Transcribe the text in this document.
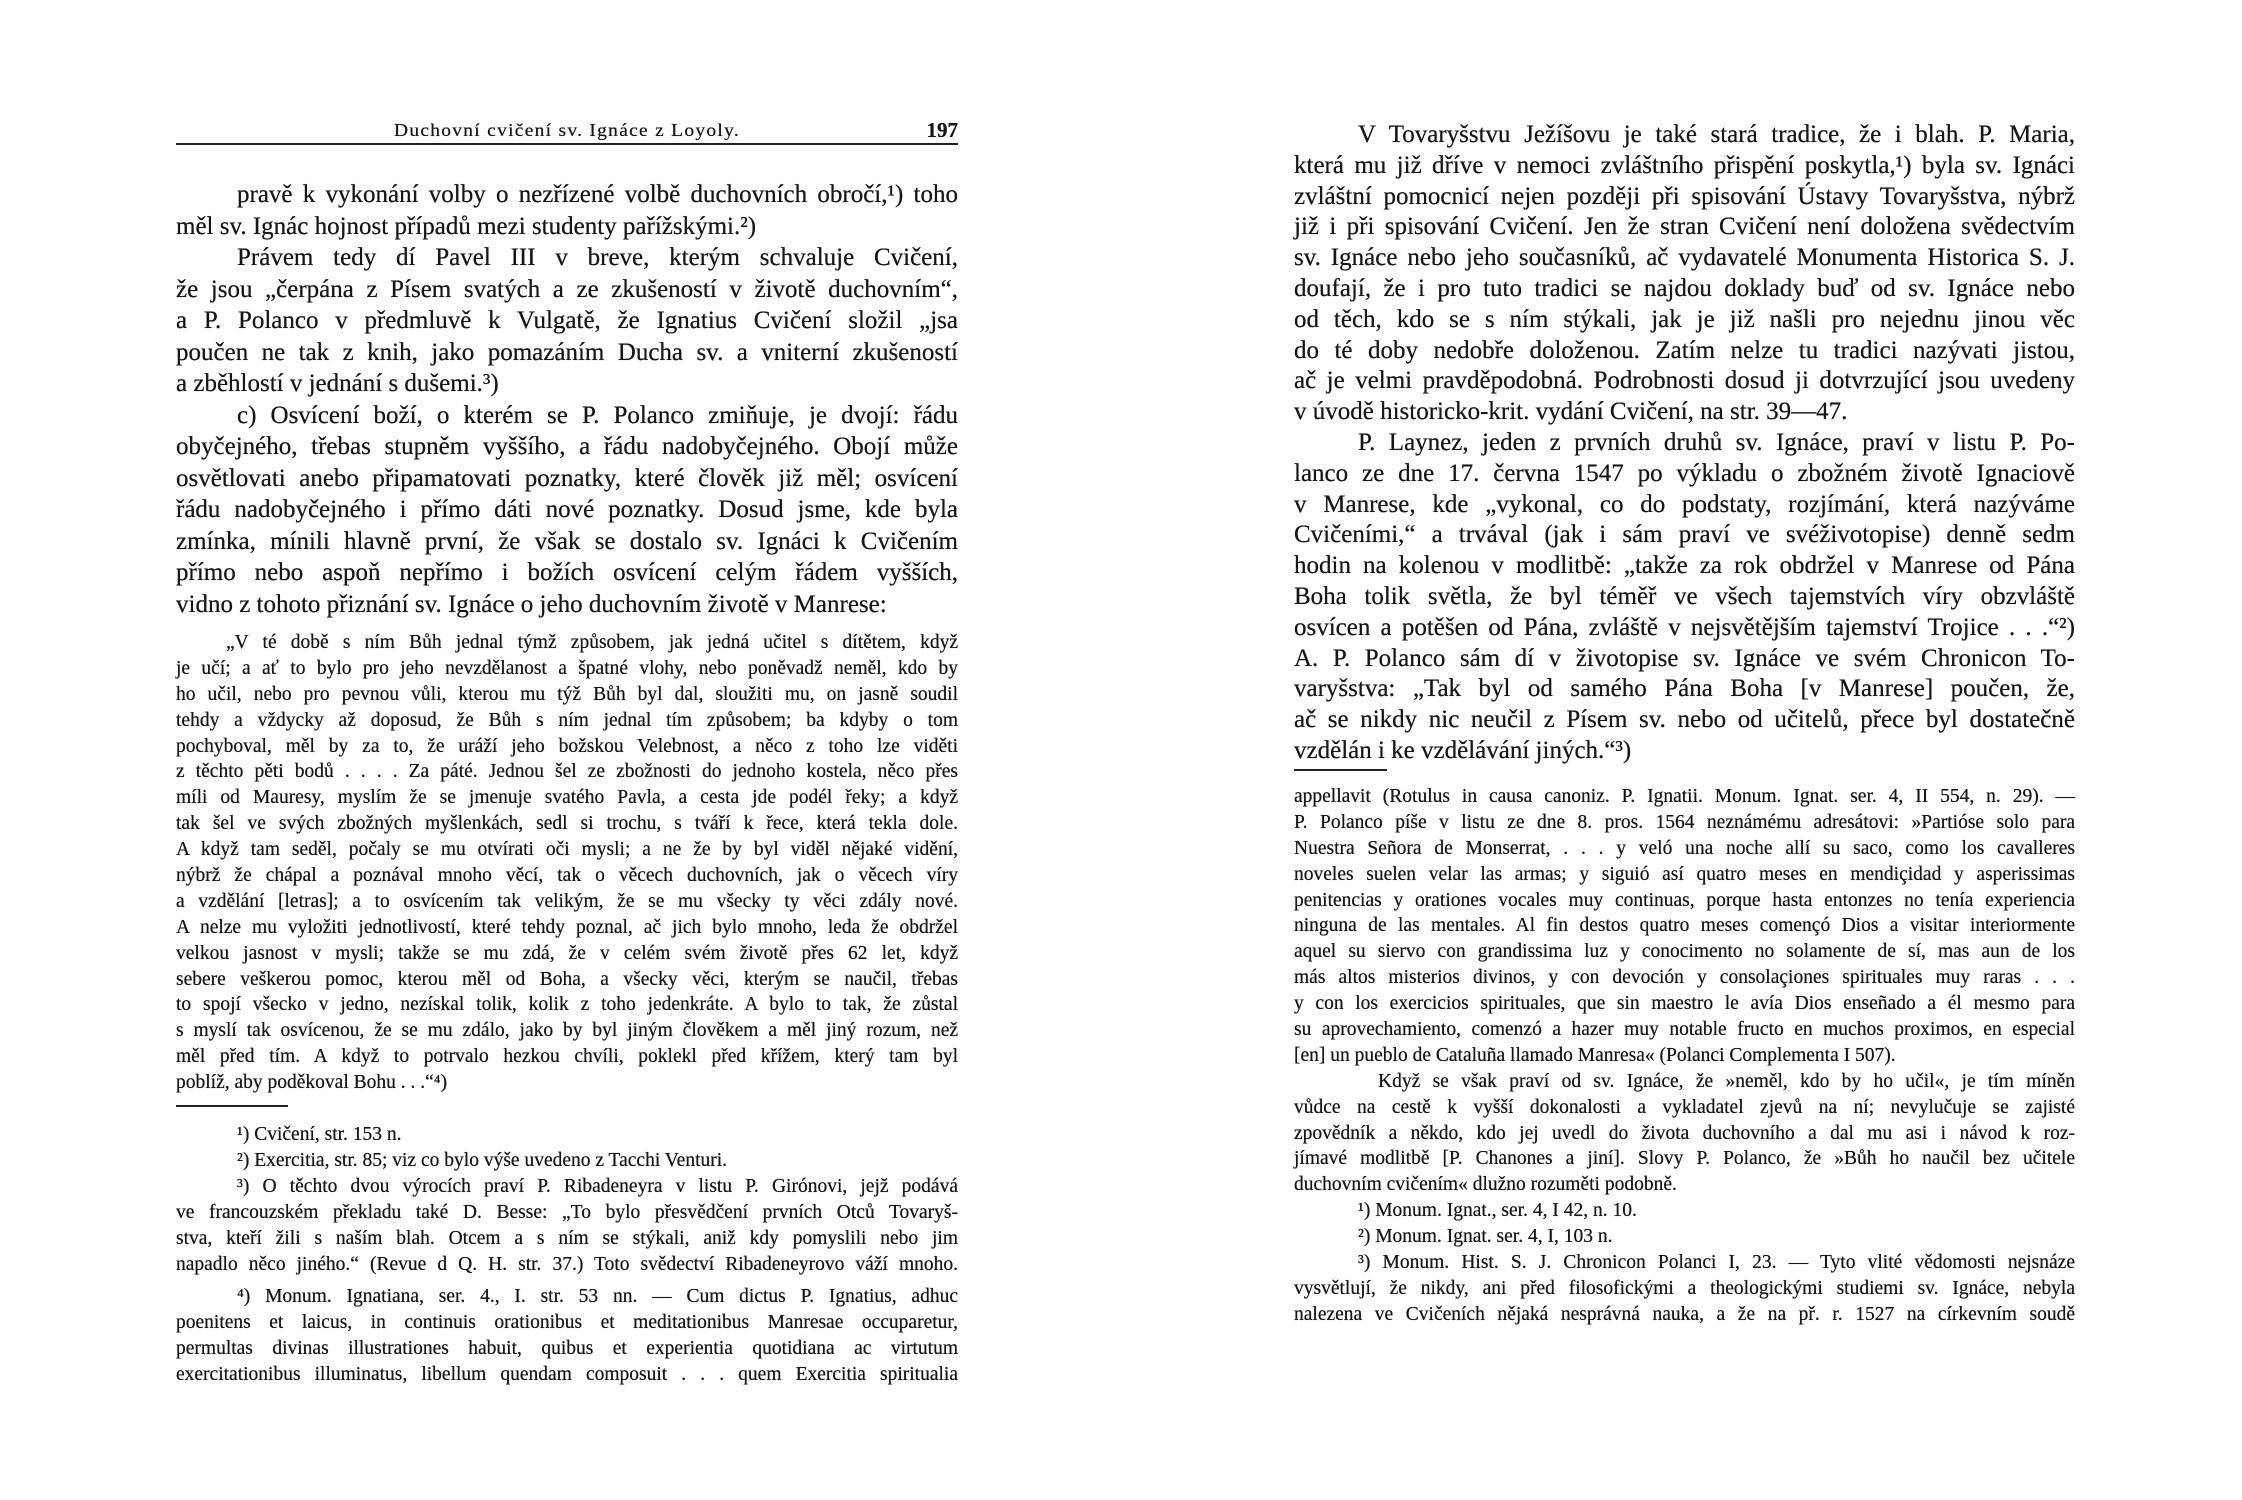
Duchovní cvičení sv. Ignáce z Loyoly.	197
pravě k vykonání volby o nezřízené volbě duchovních obročí,¹) toho
měl sv. Ignác hojnost případů mezi studenty pařížskými.²)
Právem tedy dí Pavel III v breve, kterým schvaluje Cvičení,
že jsou „čerpána z Písem svatých a ze zkušeností v životě duchovním“,
a P. Polanco v předmluvě k Vulgatě, že Ignatius Cvičení složil „jsa
poučen ne tak z knih, jako pomazáním Ducha sv. a vniterní zkušeností
a zběhlostí v jednání s dušemi.³)
c) Osvícení boží, o kterém se P. Polanco zmiňuje, je dvojí: řádu
obyčejného, třebas stupněm vyššího, a řádu nadobyčejného. Obojí může
osvětlovati anebo připamatovati poznatky, které člověk již měl; osvícení
řádu nadobyčejného i přímo dáti nové poznatky. Dosud jsme, kde byla
zmínka, mínili hlavně první, že však se dostalo sv. Ignáci k Cvičením
přímo nebo aspoň nepřímo i božích osvícení celým řádem vyšších,
vidno z tohoto přiznání sv. Ignáce o jeho duchovním životě v Manrese:
„V té době s ním Bůh jednal týmž způsobem, jak jedná učitel s dítětem, když
je učí; a ať to bylo pro jeho nevzdělanost a špatné vlohy, nebo poněvadž neměl, kdo by
ho učil, nebo pro pevnou vůli, kterou mu týž Bůh byl dal, sloužiti mu, on jasně soudil
tehdy a vždycky až doposud, že Bůh s ním jednal tím způsobem; ba kdyby o tom
pochyboval, měl by za to, že uráží jeho božskou Velebnost, a něco z toho lze viděti
z těchto pěti bodů . . . . Za páté. Jednou šel ze zbožnosti do jednoho kostela, něco přes
míli od Mauresy, myslím že se jmenuje svatého Pavla, a cesta jde podél řeky; a když
tak šel ve svých zbožných myšlenkách, sedl si trochu, s tváří k řece, která tekla dole.
A když tam seděl, počaly se mu otvírati oči mysli; a ne že by byl viděl nějaké vidění,
nýbrž že chápal a poznával mnoho věcí, tak o věcech duchovních, jak o věcech víry
a vzdělání [letras]; a to osvícením tak velikým, že se mu všecky ty věci zdály nové.
A nelze mu vyložiti jednotlivostí, které tehdy poznal, ač jich bylo mnoho, leda že obdržel
velkou jasnost v mysli; takže se mu zdá, že v celém svém životě přes 62 let, když
sebere veškerou pomoc, kterou měl od Boha, a všecky věci, kterým se naučil, třebas
to spojí všecko v jedno, nezískal tolik, kolik z toho jedenkráte. A bylo to tak, že zůstal
s myslí tak osvícenou, že se mu zdálo, jako by byl jiným člověkem a měl jiný rozum, než
měl před tím. A když to potrvalo hezkou chvíli, poklekl před křížem, který tam byl
poblíž, aby poděkoval Bohu . . .“⁴)
¹) Cvičení, str. 153 n.
²) Exercitia, str. 85; viz co bylo výše uvedeno z Tacchi Venturi.
³) O těchto dvou výrocích praví P. Ribadeneyra v listu P. Girónovi, jejž podává
ve francouzském překladu také D. Besse: „To bylo přesvědčení prvních Otců Tovaryš-
stva, kteří žili s naším blah. Otcem a s ním se stýkali, aniž kdy pomyslili nebo jim
napadlo něco jiného.“ (Revue d Q. H. str. 37.) Toto svědectví Ribadeneyrovo váží mnoho.
⁴) Monum. Ignatiana, ser. 4., I. str. 53 nn. — Cum dictus P. Ignatius, adhuc
poenitens et laicus, in continuis orationibus et meditationibus Manresae occuparetur,
permultas divinas illustrationes habuit, quibus et experientia quotidiana ac virtutum
exercitationibus illuminatus, libellum quendam composuit . . . quem Exercitia spiritualia
V Tovaryšstvu Ježíšovu je také stará tradice, že i blah. P. Maria,
která mu již dříve v nemoci zvláštního přispění poskytla,¹) byla sv. Ignáci
zvláštní pomocnicí nejen později při spisování Ústavy Tovaryšstva, nýbrž
již i při spisování Cvičení. Jen že stran Cvičení není doložena svědectvím
sv. Ignáce nebo jeho současníků, ač vydavatelé Monumenta Historica S. J.
doufají, že i pro tuto tradici se najdou doklady buď od sv. Ignáce nebo
od těch, kdo se s ním stýkali, jak je již našli pro nejednu jinou věc
do té doby nedobře doloženou. Zatím nelze tu tradici nazývati jistou,
ač je velmi pravděpodobná. Podrobnosti dosud ji dotvrzující jsou uvedeny
v úvodě historicko-krit. vydání Cvičení, na str. 39—47.
P. Laynez, jeden z prvních druhů sv. Ignáce, praví v listu P. Po-
lanco ze dne 17. června 1547 po výkladu o zbožném životě Ignaciově
v Manrese, kde „vykonal, co do podstaty, rozjímání, která nazýváme
Cvičeními,“ a trvával (jak i sám praví ve svéživotopise) denně sedm
hodin na kolenou v modlitbě: „takže za rok obdržel v Manrese od Pána
Boha tolik světla, že byl téměř ve všech tajemstvích víry obzvláště
osvícen a potěšen od Pána, zvláště v nejsvětějším tajemství Trojice . . .“²)
A. P. Polanco sám dí v životopise sv. Ignáce ve svém Chronicon To-
varyšstva: „Tak byl od samého Pána Boha [v Manrese] poučen, že,
ač se nikdy nic neučil z Písem sv. nebo od učitelů, přece byl dostatečně
vzdělán i ke vzdělávání jiných.“³)
appellavit (Rotulus in causa canoniz. P. Ignatii. Monum. Ignat. ser. 4, II 554, n. 29). —
P. Polanco píše v listu ze dne 8. pros. 1564 neznámému adresátovi: »Partióse solo para
Nuestra Señora de Monserrat, . . . y veló una noche allí su saco, como los cavalleres
noveles suelen velar las armas; y siguió así quatro meses en mendiçidad y asperissimas
penitencias y orationes vocales muy continuas, porque hasta entonzes no tenía experiencia
ninguna de las mentales. Al fin destos quatro meses començó Dios a visitar interiormente
aquel su siervo con grandissima luz y conocimento no solamente de sí, mas aun de los
más altos misterios divinos, y con devoción y consolaçiones spirituales muy raras . . .
y con los exercicios spirituales, que sin maestro le avía Dios enseñado a él mesmo para
su aprovechamiento, comenzó a hazer muy notable fructo en muchos proximos, en especial
[en] un pueblo de Cataluña llamado Manresa« (Polanci Complementa I 507).
Když se však praví od sv. Ignáce, že »neměl, kdo by ho učil«, je tím míněn
vůdce na cestě k vyšší dokonalosti a vykladatel zjevů na ní; nevylučuje se zajisté
zpovědník a někdo, kdo jej uvedl do života duchovního a dal mu asi i návod k roz-
jímavé modlitbě [P. Chanones a jiní]. Slovy P. Polanco, že »Bůh ho naučil bez učitele
duchovním cvičením« dlužno rozuměti podobně.
¹) Monum. Ignat., ser. 4, I 42, n. 10.
²) Monum. Ignat. ser. 4, I, 103 n.
³) Monum. Hist. S. J. Chronicon Polanci I, 23. — Tyto vlité vědomosti nejsnáze
vysvětlují, že nikdy, ani před filosofickými a theologickými studiemi sv. Ignáce, nebyla
nalezena ve Cvičeních nějaká nesprávná nauka, a že na př. r. 1527 na církevním soudě
